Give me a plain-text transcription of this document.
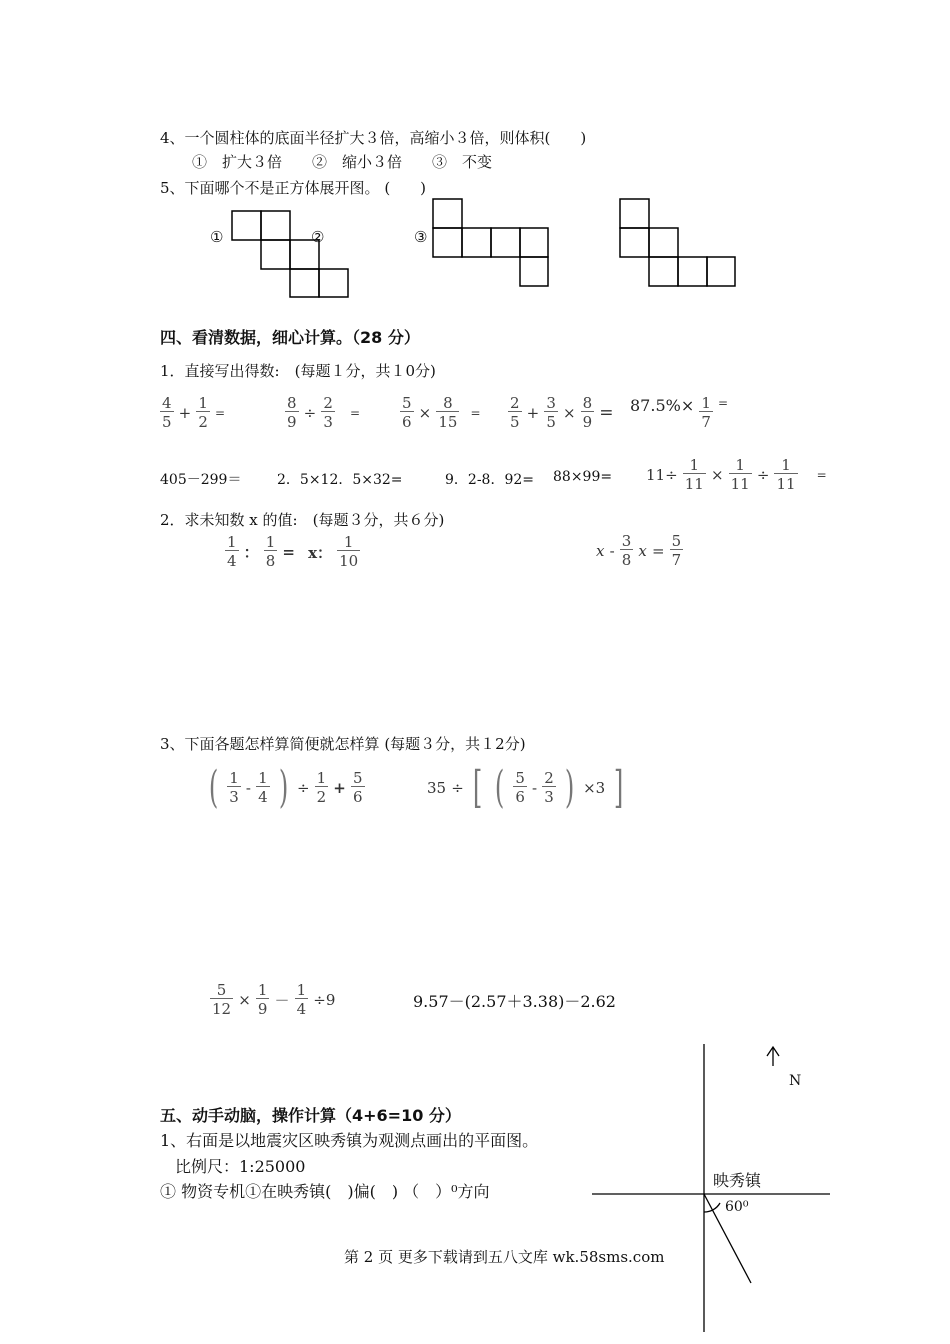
4、一个圆柱体的底面半径扩大３倍，高缩小３倍，则体积(　　)
①　扩大３倍　　②　缩小３倍　　③　不变
5、下面哪个不是正方体展开图。 (　　)
①	②	③
四、看清数据，细心计算。（28 分）
1．直接写出得数:　(每题１分，共１0分)
$\frac{4}{5} + \frac{1}{2}$ =	$\frac{8}{9} \div \frac{2}{3}$ =	$\frac{5}{6} \times \frac{8}{15} = \frac{2}{5} + \frac{3}{5} \times \frac{8}{9} = 87.5\%\times \frac{1}{7} ^=$
405－299＝	2．5×12．5×32=	9．2-8．$92= 88\times 99= 11\div \frac{1}{11} \times \frac{1}{11} \div \frac{1}{11}$ =
2．求未知数 x 的值:　(每题３分，共６分)
$\frac{1}{4}$ ： $\frac{1}{8} = x$： $\frac{1}{10}$	x - $\frac{3}{8}$ $x = \frac{5}{7}$
3、下面各题怎样算简便就怎样算 (每题３分，共１2分)
( $\frac{1}{3} - \frac{1}{4}$ ) ÷ $\frac{1}{2} + \frac{5}{6}$	35 ÷ [ ( $\frac{5}{6} - \frac{2}{3}$ ) ×3 ]
$\frac{5}{12} \times \frac{1}{9} - \frac{1}{4} \div 9$	9.57－(2.57＋3.38)－2.62
五、动手动脑，操作计算（4+6=10 分）
1、右面是以地震灾区映秀镇为观测点画出的平面图。
比例尺：1:25000
① 物资专机①在映秀镇(　)偏(　) （　）⁰方向
N
映秀镇
60⁰
第 2 页 更多下载请到五八文库 wk.58sms.com
